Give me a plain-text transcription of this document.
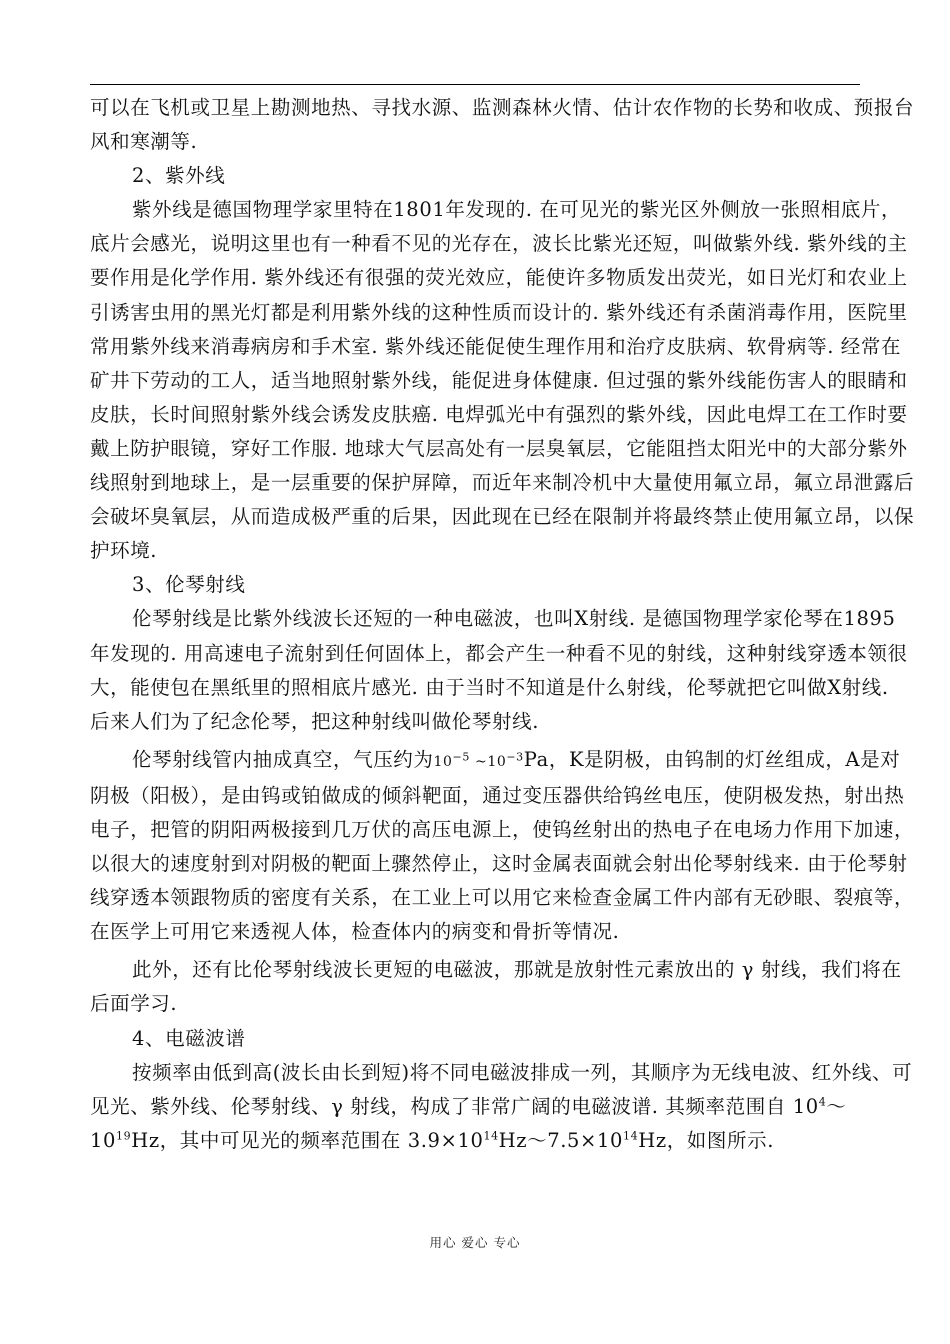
可以在飞机或卫星上勘测地热、寻找水源、监测森林火情、估计农作物的长势和收成、预报台风和寒潮等.

2、紫外线

紫外线是德国物理学家里特在1801年发现的. 在可见光的紫光区外侧放一张照相底片，底片会感光，说明这里也有一种看不见的光存在，波长比紫光还短，叫做紫外线. 紫外线的主要作用是化学作用. 紫外线还有很强的荧光效应，能使许多物质发出荧光，如日光灯和农业上引诱害虫用的黑光灯都是利用紫外线的这种性质而设计的. 紫外线还有杀菌消毒作用，医院里常用紫外线来消毒病房和手术室. 紫外线还能促使生理作用和治疗皮肤病、软骨病等. 经常在矿井下劳动的工人，适当地照射紫外线，能促进身体健康. 但过强的紫外线能伤害人的眼睛和皮肤，长时间照射紫外线会诱发皮肤癌. 电焊弧光中有强烈的紫外线，因此电焊工在工作时要戴上防护眼镜，穿好工作服. 地球大气层高处有一层臭氧层，它能阻挡太阳光中的大部分紫外线照射到地球上，是一层重要的保护屏障，而近年来制冷机中大量使用氟立昂，氟立昂泄露后会破坏臭氧层，从而造成极严重的后果，因此现在已经在限制并将最终禁止使用氟立昂，以保护环境.

3、伦琴射线

伦琴射线是比紫外线波长还短的一种电磁波，也叫X射线. 是德国物理学家伦琴在1895年发现的. 用高速电子流射到任何固体上，都会产生一种看不见的射线，这种射线穿透本领很大，能使包在黑纸里的照相底片感光. 由于当时不知道是什么射线，伦琴就把它叫做X射线. 后来人们为了纪念伦琴，把这种射线叫做伦琴射线.

伦琴射线管内抽成真空，气压约为$10^{-5}$ $\sim 10^{-3}Pa$，K是阴极，由钨制的灯丝组成，A是对阴极（阳极），是由钨或铂做成的倾斜靶面，通过变压器供给钨丝电压，使阴极发热，射出热电子，把管的阴阳两极接到几万伏的高压电源上，使钨丝射出的热电子在电场力作用下加速，以很大的速度射到对阴极的靶面上骤然停止，这时金属表面就会射出伦琴射线来. 由于伦琴射线穿透本领跟物质的密度有关系，在工业上可以用它来检查金属工件内部有无砂眼、裂痕等，在医学上可用它来透视人体，检查体内的病变和骨折等情况.

此外，还有比伦琴射线波长更短的电磁波，那就是放射性元素放出的 γ 射线，我们将在后面学习.

4、电磁波谱

按频率由低到高(波长由长到短)将不同电磁波排成一列，其顺序为无线电波、红外线、可见光、紫外线、伦琴射线、γ 射线，构成了非常广阔的电磁波谱. 其频率范围自 $10^4\sim 10^{19}Hz$，其中可见光的频率范围在 $3.9\times 10^{14}Hz\sim 7.5\times 10^{14}Hz$，如图所示.

用心 爱心 专心
